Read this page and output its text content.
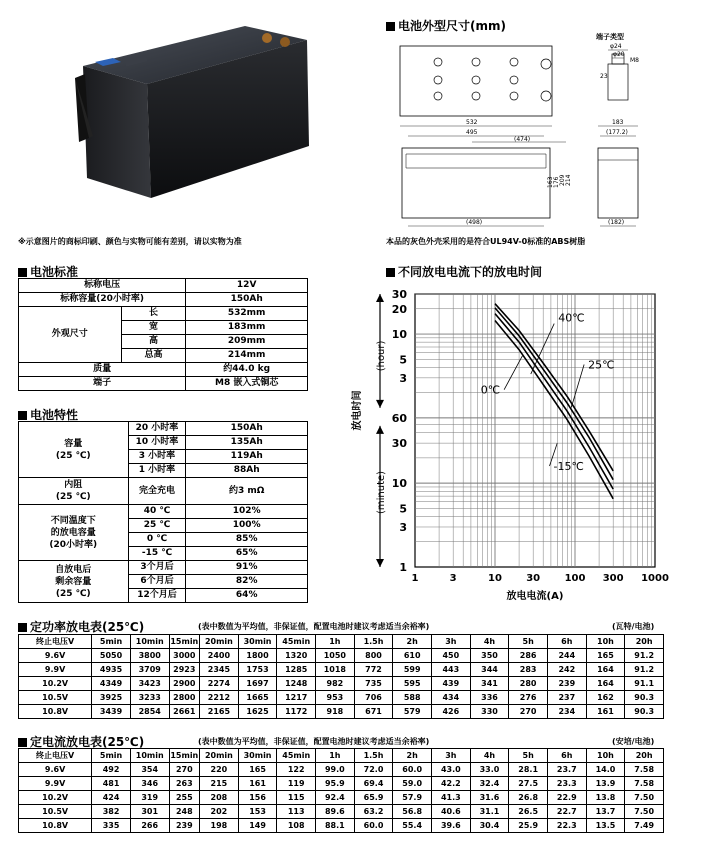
※示意图片的商标印刷、颜色与实物可能有差别，请以实物为准
电池外型尺寸(mm)
端子类型
φ24
φ20
23
M8
532
495
(474)
(498)
163 176 209 214
183
(177.2)
(182)
本品的灰色外壳采用的是符合UL94V-0标准的ABS树脂
电池标准
标称电压		12V
标称容量(20小时率)		150Ah
外观尺寸	长	532mm
	宽	183mm
	高	209mm
	总高	214mm
质量		约44.0 kg
端子		M8 嵌入式铜芯
电池特性
容量
(25 ℃)	20 小时率	150Ah
	10 小时率	135Ah
	3 小时率	119Ah
	1 小时率	88Ah
内阻
(25 ℃)	完全充电	约3 mΩ
不同温度下
的放电容量
(20小时率)	40 ℃	102%
	25 ℃	100%
	0 ℃	85%
	-15 ℃	65%
自放电后
剩余容量
(25 ℃)	3个月后	91%
	6个月后	82%
	12个月后	64%
不同放电电流下的放电时间
1	3	10 30 100 300 1000
30
20
10
5
3
60
30
10
5
3
1
放电电流(A)
放电时间
(hour)
(minute)
40℃
25℃
0℃
-15℃
定功率放电表(25℃)	(表中数值为平均值，非保证值，配置电池时建议考虑适当余裕率)	(瓦特/电池)
终止电压V	5min	10min	15min	20min	30min	45min	1h	1.5h	2h	3h	4h	5h	6h	10h	20h
9.6V	5050	3800	3000	2400	1800	1320	1050	800	610	450	350	286	244	165	91.2
9.9V	4935	3709	2923	2345	1753	1285	1018	772	599	443	344	283	242	164	91.2
10.2V	4349	3423	2900	2274	1697	1248	982	735	595	439	341	280	239	164	91.1
10.5V	3925	3233	2800	2212	1665	1217	953	706	588	434	336	276	237	162	90.3
10.8V	3439	2854	2661	2165	1625	1172	918	671	579	426	330	270	234	161	90.3
定电流放电表(25℃)	(表中数值为平均值，非保证值，配置电池时建议考虑适当余裕率)	(安培/电池)
终止电压V	5min	10min	15min	20min	30min	45min	1h	1.5h	2h	3h	4h	5h	6h	10h	20h
9.6V	492	354	270	220	165	122	99.0	72.0	60.0	43.0	33.0	28.1	23.7	14.0	7.58
9.9V	481	346	263	215	161	119	95.9	69.4	59.0	42.2	32.4	27.5	23.3	13.9	7.58
10.2V	424	319	255	208	156	115	92.4	65.9	57.9	41.3	31.6	26.8	22.9	13.8	7.50
10.5V	382	301	248	202	153	113	89.6	63.2	56.8	40.6	31.1	26.5	22.7	13.7	7.50
10.8V	335	266	239	198	149	108	88.1	60.0	55.4	39.6	30.4	25.9	22.3	13.5	7.49
